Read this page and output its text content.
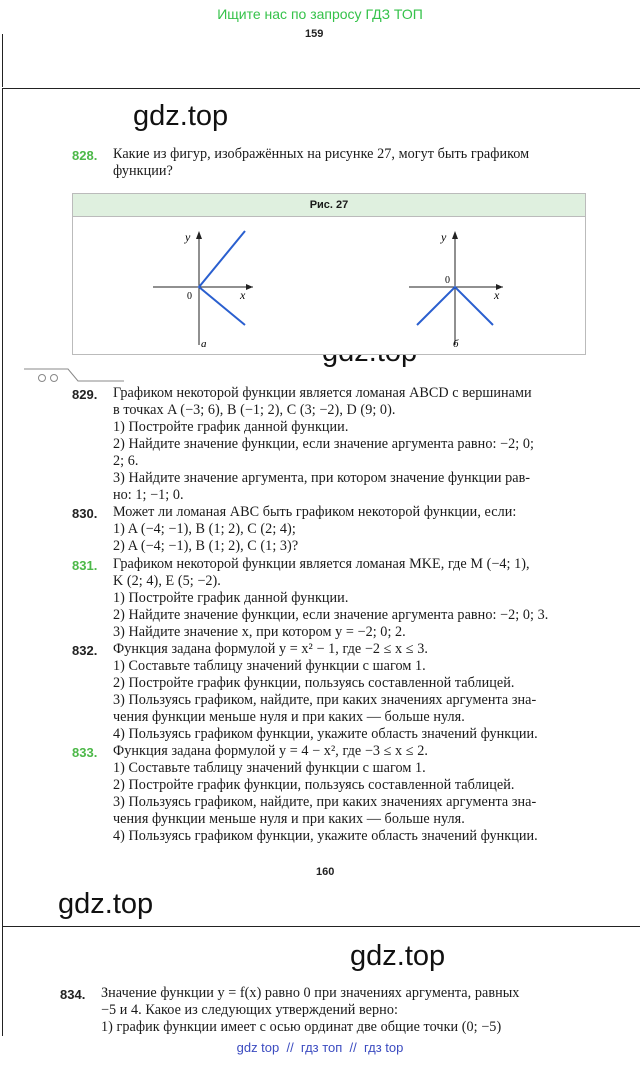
Ищите нас по запросу ГДЗ ТОП
159
gdz.top
gdz.top
gdz.top
828. Какие из фигур, изображённых на рисунке 27, могут быть графиком
функции?
Рис. 27
y
x
0
а
y
x
0
б
829. Графиком некоторой функции является ломаная ABCD с вершинами
в точках A (−3; 6), B (−1; 2), C (3; −2), D (9; 0).
1) Постройте график данной функции.
2) Найдите значение функции, если значение аргумента равно: −2; 0;
2; 6.
3) Найдите значение аргумента, при котором значение функции рав-
но: 1; −1; 0.
830. Может ли ломаная ABC быть графиком некоторой функции, если:
1) A (−4; −1), B (1; 2), C (2; 4);
2) A (−4; −1), B (1; 2), C (1; 3)?
831. Графиком некоторой функции является ломаная MKE, где M (−4; 1),
K (2; 4), E (5; −2).
1) Постройте график данной функции.
2) Найдите значение функции, если значение аргумента равно: −2; 0; 3.
3) Найдите значение x, при котором y = −2; 0; 2.
832. Функция задана формулой y = x² − 1, где −2 ≤ x ≤ 3.
1) Составьте таблицу значений функции с шагом 1.
2) Постройте график функции, пользуясь составленной таблицей.
3) Пользуясь графиком, найдите, при каких значениях аргумента зна-
чения функции меньше нуля и при каких — больше нуля.
4) Пользуясь графиком функции, укажите область значений функции.
833. Функция задана формулой y = 4 − x², где −3 ≤ x ≤ 2.
1) Составьте таблицу значений функции с шагом 1.
2) Постройте график функции, пользуясь составленной таблицей.
3) Пользуясь графиком, найдите, при каких значениях аргумента зна-
чения функции меньше нуля и при каких — больше нуля.
4) Пользуясь графиком функции, укажите область значений функции.
160
834. Значение функции y = f(x) равно 0 при значениях аргумента, равных
−5 и 4. Какое из следующих утверждений верно:
1) график функции имеет с осью ординат две общие точки (0; −5)
gdz top  //  гдз топ  //  гдз top
